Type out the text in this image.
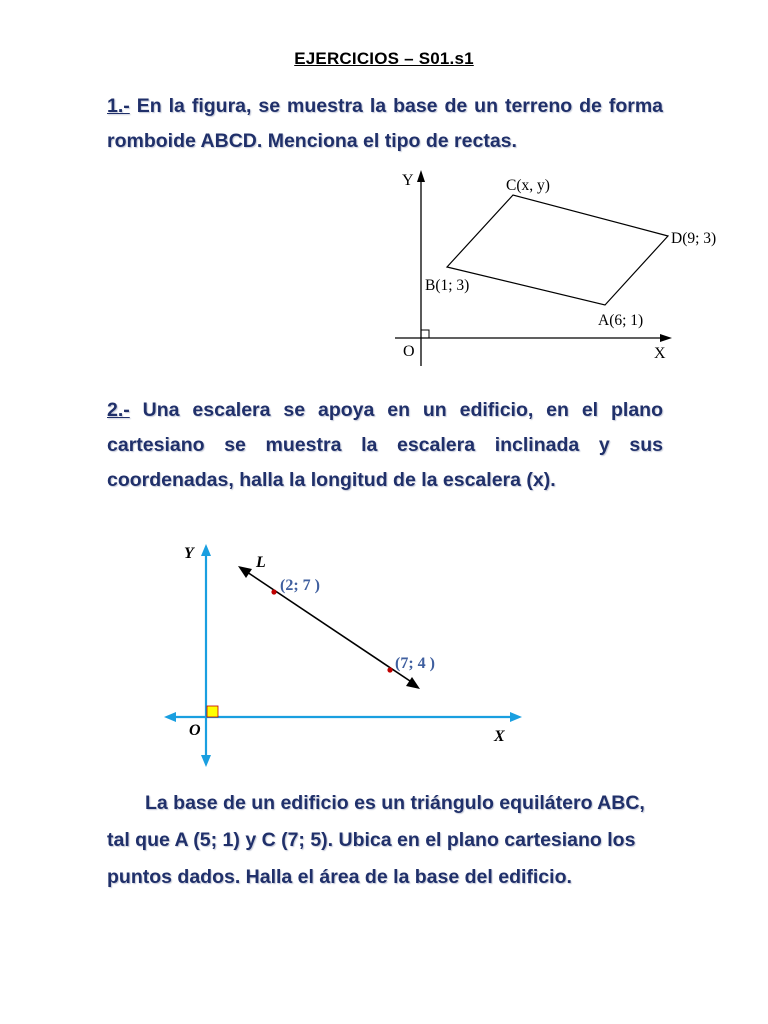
EJERCICIOS – S01.s1

1.- En la figura, se muestra la base de un terreno de forma romboide ABCD. Menciona el tipo de rectas.

Y
X
O
C(x, y)
D(9; 3)
B(1; 3)
A(6; 1)
Y
L
O	X
(2; 7 )
(7; 4 )

2.- Una escalera se apoya en un edificio, en el plano cartesiano se muestra la escalera inclinada y sus coordenadas, halla la longitud de la escalera (x).

La base de un edificio es un triángulo equilátero ABC, tal que A (5; 1) y C (7; 5). Ubica en el plano cartesiano los puntos dados. Halla el área de la base del edificio.
